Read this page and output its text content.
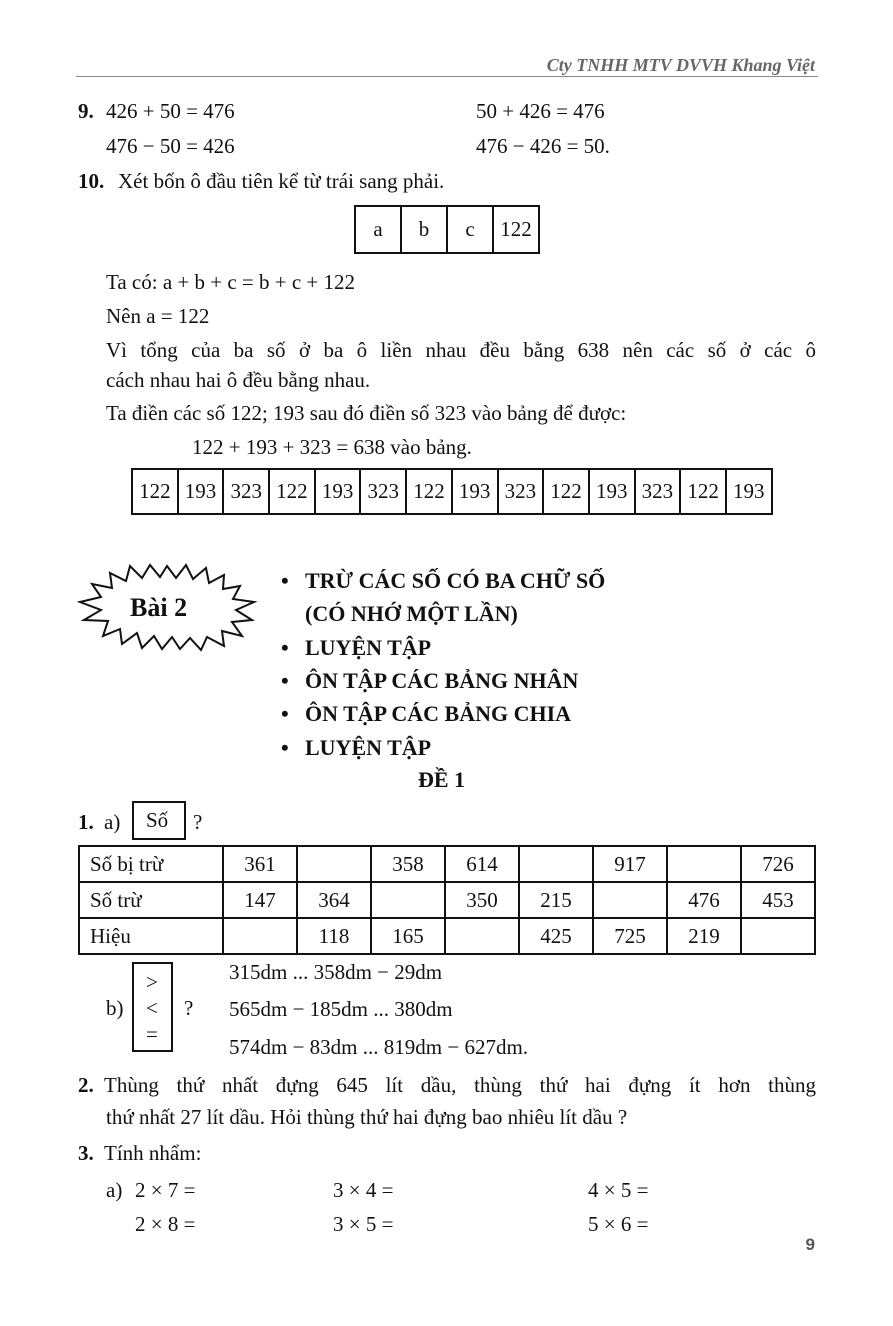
Cty TNHH MTV DVVH Khang Việt
9. 426 + 50 = 476	50 + 426 = 476
476 − 50 = 426	476 − 426 = 50.
10. Xét bốn ô đầu tiên kể từ trái sang phải.
a	b	c	122
Ta có: a + b + c = b + c + 122
Nên a = 122
Vì tổng của ba số ở ba ô liền nhau đều bằng 638 nên các số ở các ô
cách nhau hai ô đều bằng nhau.
Ta điền các số 122; 193 sau đó điền số 323 vào bảng để được:
122 + 193 + 323 = 638 vào bảng.
122	193	323	122	193	323	122	193	323	122	193	323	122	193
Bài 2
• TRỪ CÁC SỐ CÓ BA CHỮ SỐ
(CÓ NHỚ MỘT LẦN)
• LUYỆN TẬP
• ÔN TẬP CÁC BẢNG NHÂN
• ÔN TẬP CÁC BẢNG CHIA
• LUYỆN TẬP
ĐỀ 1
1. a) Số ?
Số bị trừ	361		358	614		917		726
Số trừ	147	364		350	215		476	453
Hiệu		118	165		425	725	219	
b)
>
<
=
?
315dm ... 358dm − 29dm
565dm − 185dm ... 380dm
574dm − 83dm ... 819dm − 627dm.
2. Thùng thứ nhất đựng 645 lít dầu, thùng thứ hai đựng ít hơn thùng
thứ nhất 27 lít dầu. Hỏi thùng thứ hai đựng bao nhiêu lít dầu ?
3. Tính nhẩm:
a) 2 × 7 =	3 × 4 =	4 × 5 =
2 × 8 =	3 × 5 =	5 × 6 =
9
